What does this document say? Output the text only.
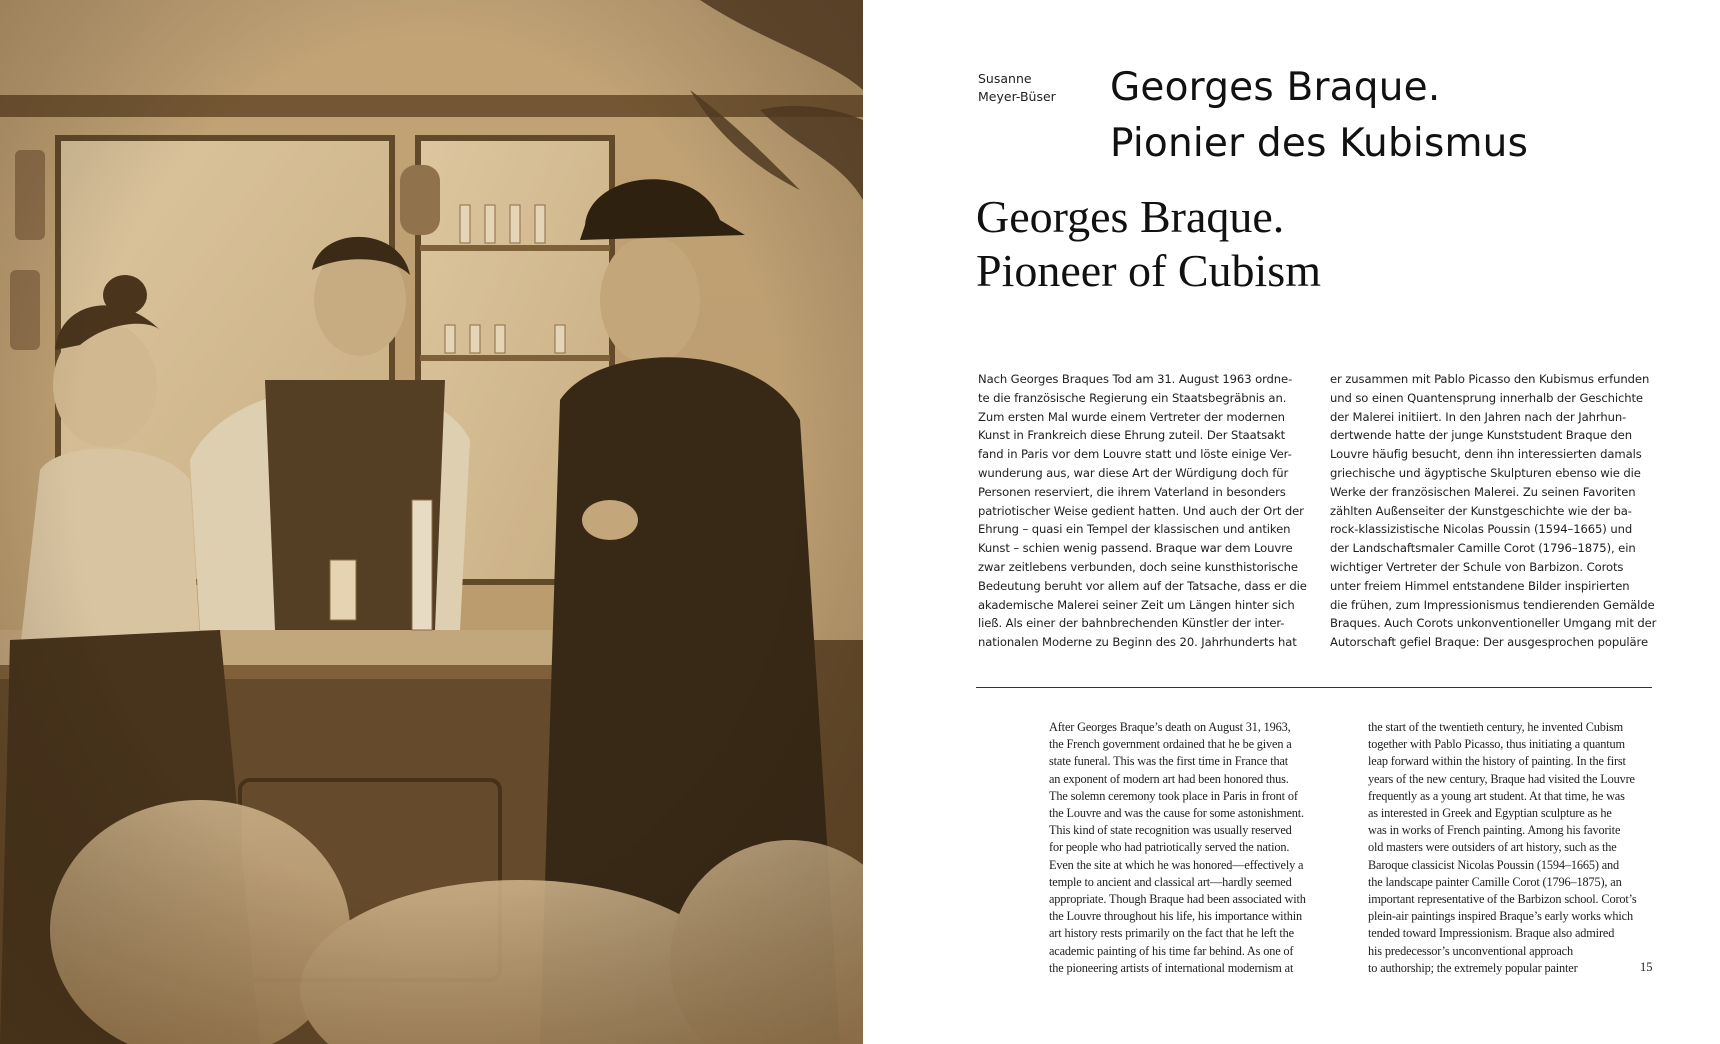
Susanne
Meyer-Büser	Georges Braque.
Pionier des Kubismus
Georges Braque.
Pioneer of Cubism
Nach Georges Braques Tod am 31. August 1963 ordne-
te die französische Regierung ein Staatsbegräbnis an.
Zum ersten Mal wurde einem Vertreter der modernen
Kunst in Frankreich diese Ehrung zuteil. Der Staatsakt
fand in Paris vor dem Louvre statt und löste einige Ver-
wunderung aus, war diese Art der Würdigung doch für
Personen reserviert, die ihrem Vaterland in besonders
patriotischer Weise gedient hatten. Und auch der Ort der
Ehrung – quasi ein Tempel der klassischen und antiken
Kunst – schien wenig passend. Braque war dem Louvre
zwar zeitlebens verbunden, doch seine kunsthistorische
Bedeutung beruht vor allem auf der Tatsache, dass er die
akademische Malerei seiner Zeit um Längen hinter sich
ließ. Als einer der bahnbrechenden Künstler der inter-
nationalen Moderne zu Beginn des 20. Jahrhunderts hat
er zusammen mit Pablo Picasso den Kubismus erfunden
und so einen Quantensprung innerhalb der Geschichte
der Malerei initiiert. In den Jahren nach der Jahrhun-
dertwende hatte der junge Kunststudent Braque den
Louvre häufig besucht, denn ihn interessierten damals
griechische und ägyptische Skulpturen ebenso wie die
Werke der französischen Malerei. Zu seinen Favoriten
zählten Außenseiter der Kunstgeschichte wie der ba-
rock-klassizistische Nicolas Poussin (1594–1665) und
der Landschaftsmaler Camille Corot (1796–1875), ein
wichtiger Vertreter der Schule von Barbizon. Corots
unter freiem Himmel entstandene Bilder inspirierten
die frühen, zum Impressionismus tendierenden Gemälde
Braques. Auch Corots unkonventioneller Umgang mit der
Autorschaft gefiel Braque: Der ausgesprochen populäre
After Georges Braque’s death on August 31, 1963,
the French government ordained that he be given a
state funeral. This was the first time in France that
an exponent of modern art had been honored thus.
The solemn ceremony took place in Paris in front of
the Louvre and was the cause for some astonishment.
This kind of state recognition was usually reserved
for people who had patriotically served the nation.
Even the site at which he was honored—effectively a
temple to ancient and classical art—hardly seemed
appropriate. Though Braque had been associated with
the Louvre throughout his life, his importance within
art history rests primarily on the fact that he left the
academic painting of his time far behind. As one of
the pioneering artists of international modernism at
the start of the twentieth century, he invented Cubism
together with Pablo Picasso, thus initiating a quantum
leap forward within the history of painting. In the first
years of the new century, Braque had visited the Louvre
frequently as a young art student. At that time, he was
as interested in Greek and Egyptian sculpture as he
was in works of French painting. Among his favorite
old masters were outsiders of art history, such as the
Baroque classicist Nicolas Poussin (1594–1665) and
the landscape painter Camille Corot (1796–1875), an
important representative of the Barbizon school. Corot’s
plein-air paintings inspired Braque’s early works which
tended toward Impressionism. Braque also admired
his predecessor’s unconventional approach
to authorship; the extremely popular painter	15
